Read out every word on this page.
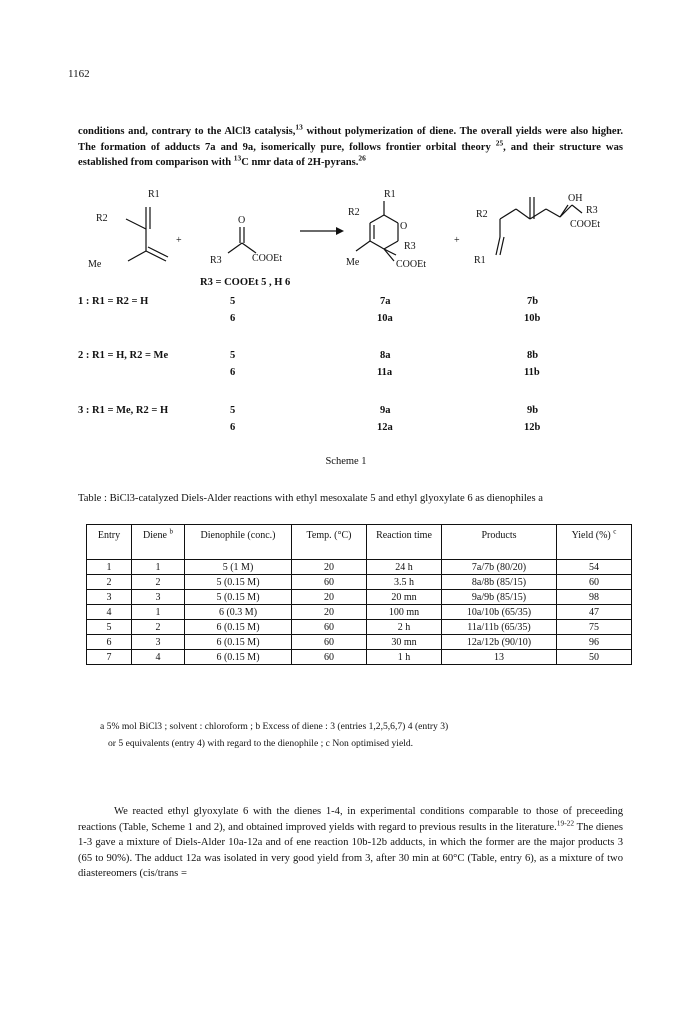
1162
conditions and, contrary to the AlCl3 catalysis,$^{13}$ without polymerization of diene. The overall yields were also higher. The formation of adducts 7a and 9a, isomerically pure, follows frontier orbital theory $^{25}$, and their structure was established from comparison with $^{13}$C nmr data of 2H-pyrans.$^{26}$
R1
R2
Me
+
O
R3	COOEt
R1
R2
O
R3
Me	COOEt
+
OH
R3
COOEt
R2
R1
R3 = COOEt 5 , H 6
1 : R1 = R2 = H	5	7a	7b
6	10a	10b
2 : R1 = H, R2 = Me	5	8a	8b
6	11a	11b
3 : R1 = Me, R2 = H	5	9a	9b
6	12a	12b
Scheme 1
Table : BiCl3-catalyzed Diels-Alder reactions with ethyl mesoxalate 5 and ethyl glyoxylate 6 as dienophiles a
Entry	Diene $^b$	Dienophile (conc.)	Temp. (°C)	Reaction time	Products	Yield (%) $^c$
1	1	5 (1 M)	20	24 h	7a/7b (80/20)	54
2	2	5 (0.15 M)	60	3.5 h	8a/8b (85/15)	60
3	3	5 (0.15 M)	20	20 mn	9a/9b (85/15)	98
4	1	6 (0.3 M)	20	100 mn	10a/10b (65/35)	47
5	2	6 (0.15 M)	60	2 h	11a/11b (65/35)	75
6	3	6 (0.15 M)	60	30 mn	12a/12b (90/10)	96
7	4	6 (0.15 M)	60	1 h	13	50
a 5% mol BiCl3 ; solvent : chloroform ; b Excess of diene : 3 (entries 1,2,5,6,7) 4 (entry 3)
or 5 equivalents (entry 4) with regard to the dienophile ; c Non optimised yield.
We reacted ethyl glyoxylate 6 with the dienes 1-4, in experimental conditions comparable to those of preceeding reactions (Table, Scheme 1 and 2), and obtained improved yields with regard to previous results in the literature.$^{19-22}$ The dienes 1-3 gave a mixture of Diels-Alder 10a-12a and of ene reaction 10b-12b adducts, in which the former are the major products 3 (65 to 90%). The adduct 12a was isolated in very good yield from 3, after 30 min at 60°C (Table, entry 6), as a mixture of two diastereomers (cis/trans =
